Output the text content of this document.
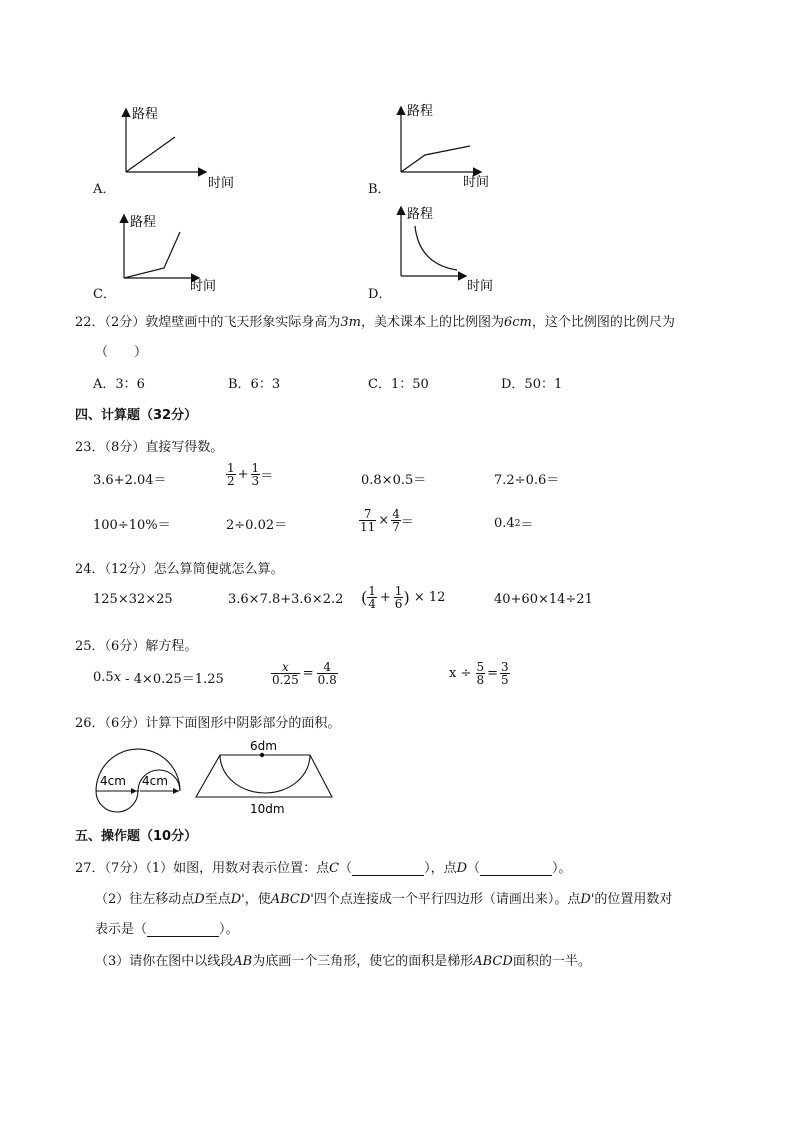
路程
时间
A．
路程
时间
B．
路程
时间
C．
路程
时间
D．
22．（2分）敦煌壁画中的飞天形象实际身高为3m，美术课本上的比例图为6cm，这个比例图的比例尺为
（　　）
A．3：6	B．6：3	C．1：50	D．50：1
四、计算题（32分）
23．（8分）直接写得数。
3.6+2.04＝	$\frac{1}{2} + \frac{1}{3}$ ＝	0.8×0.5＝	7.2÷0.6＝
100÷10%＝	2÷0.02＝	$\frac{7}{11} \times \frac{4}{7}$ ＝	0.4 2 ＝
24．（12分）怎么算简便就怎么算。
125×32×25	3.6×7.8+3.6×2.2 ( $\frac{1}{4} + \frac{1}{6}$ ) × 12	40+60×14÷21
25．（6分）解方程。
0.5 x - 4×0.25＝1.25	$\frac{x}{0.25} = \frac{4}{0.8}$	$x \div \frac{5}{8} = \frac{3}{5}$
26．（6分）计算下面图形中阴影部分的面积。
4cm 4cm
6dm
10dm
五、操作题（10分）
27．（7分）（1）如图，用数对表示位置：点C（	），点D（	）。
（2）往左移动点D至点D'，使ABCD'四个点连接成一个平行四边形（请画出来）。点D'的位置用数对
表示是（	）。
（3）请你在图中以线段AB为底画一个三角形，使它的面积是梯形ABCD面积的一半。
